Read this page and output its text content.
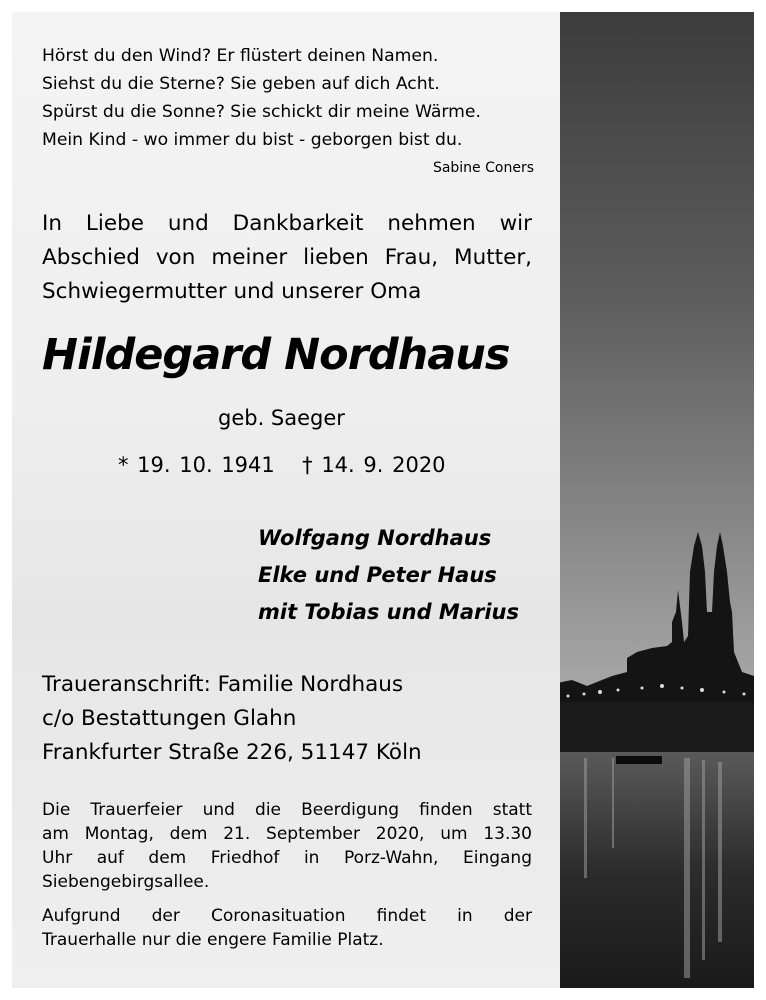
Hörst du den Wind? Er flüstert deinen Namen.
Siehst du die Sterne? Sie geben auf dich Acht.
Spürst du die Sonne? Sie schickt dir meine Wärme.
Mein Kind - wo immer du bist - geborgen bist du.
Sabine Coners
In Liebe und Dankbarkeit nehmen wir
Abschied von meiner lieben Frau, Mutter,
Schwiegermutter und unserer Oma
Hildegard Nordhaus
geb. Saeger
* 19. 10. 1941 † 14. 9. 2020
Wolfgang Nordhaus
Elke und Peter Haus
mit Tobias und Marius
Traueranschrift: Familie Nordhaus
c/o Bestattungen Glahn
Frankfurter Straße 226, 51147 Köln
Die Trauerfeier und die Beerdigung finden statt
am Montag, dem 21. September 2020, um 13.30
Uhr auf dem Friedhof in Porz-Wahn, Eingang
Siebengebirgsallee.
Aufgrund der Coronasituation findet in der
Trauerhalle nur die engere Familie Platz.
